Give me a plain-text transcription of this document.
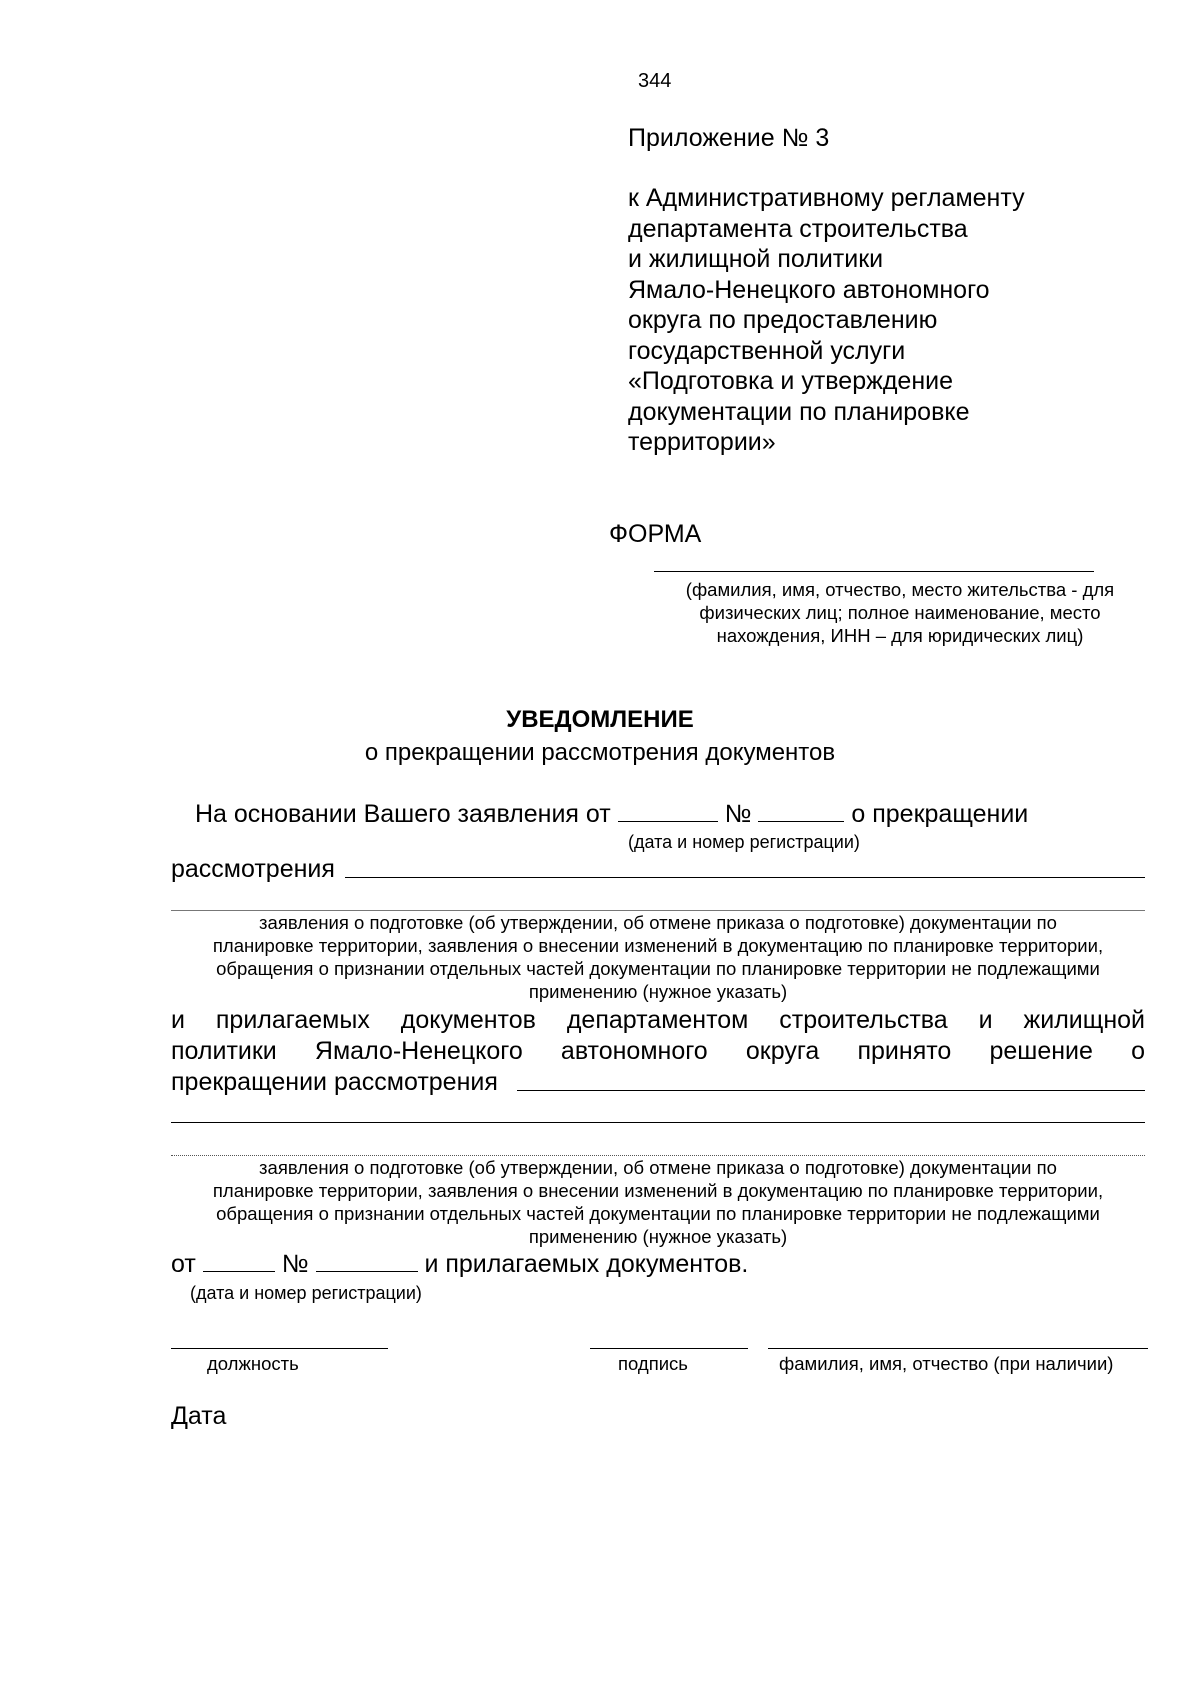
344
Приложение № 3
к Административному регламенту
департамента строительства
и жилищной политики
Ямало-Ненецкого автономного
округа по предоставлению
государственной услуги
«Подготовка и утверждение
документации по планировке
территории»
ФОРМА
(фамилия, имя, отчество, место жительства - для
физических лиц; полное наименование, место
нахождения, ИНН – для юридических лиц)
УВЕДОМЛЕНИЕ
о прекращении рассмотрения документов
На основании Вашего заявления от	№	о прекращении
(дата и номер регистрации)
рассмотрения
заявления о подготовке (об утверждении, об отмене приказа о подготовке) документации по
планировке территории, заявления о внесении изменений в документацию по планировке территории,
обращения о признании отдельных частей документации по планировке территории не подлежащими
применению (нужное указать)
и прилагаемых документов департаментом строительства и жилищной
политики Ямало-Ненецкого автономного округа принято решение о
прекращении рассмотрения
заявления о подготовке (об утверждении, об отмене приказа о подготовке) документации по
планировке территории, заявления о внесении изменений в документацию по планировке территории,
обращения о признании отдельных частей документации по планировке территории не подлежащими
применению (нужное указать)
от	№	и прилагаемых документов.
(дата и номер регистрации)
должность	подпись	фамилия, имя, отчество (при наличии)
Дата
